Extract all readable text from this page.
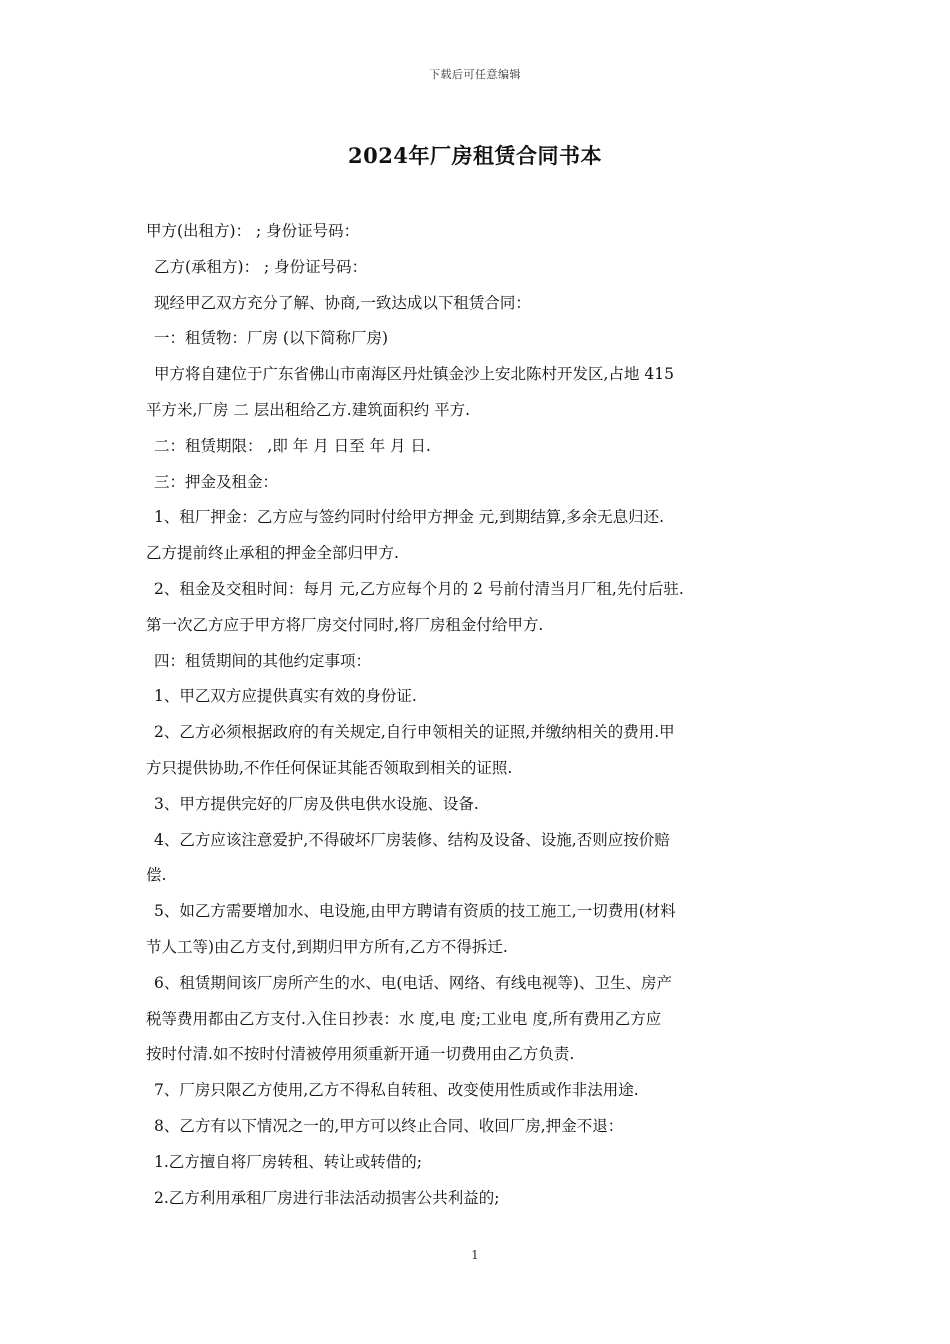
下载后可任意编辑
2024年厂房租赁合同书本
甲方(出租方)： ; 身份证号码：
乙方(承租方)： ; 身份证号码：
现经甲乙双方充分了解、协商,一致达成以下租赁合同：
一：租赁物：厂房 (以下简称厂房)
甲方将自建位于广东省佛山市南海区丹灶镇金沙上安北陈村开发区,占地 415
平方米,厂房 二 层出租给乙方.建筑面积约 平方.
二：租赁期限： ,即 年 月 日至 年 月 日.
三：押金及租金：
1、租厂押金：乙方应与签约同时付给甲方押金 元,到期结算,多余无息归还.
乙方提前终止承租的押金全部归甲方.
2、租金及交租时间：每月 元,乙方应每个月的 2 号前付清当月厂租,先付后驻.
第一次乙方应于甲方将厂房交付同时,将厂房租金付给甲方.
四：租赁期间的其他约定事项：
1、甲乙双方应提供真实有效的身份证.
2、乙方必须根据政府的有关规定,自行申领相关的证照,并缴纳相关的费用.甲
方只提供协助,不作任何保证其能否领取到相关的证照.
3、甲方提供完好的厂房及供电供水设施、设备.
4、乙方应该注意爱护,不得破坏厂房装修、结构及设备、设施,否则应按价赔
偿.
5、如乙方需要增加水、电设施,由甲方聘请有资质的技工施工,一切费用(材料
节人工等)由乙方支付,到期归甲方所有,乙方不得拆迁.
6、租赁期间该厂房所产生的水、电(电话、网络、有线电视等)、卫生、房产
税等费用都由乙方支付.入住日抄表：水 度,电 度;工业电 度,所有费用乙方应
按时付清.如不按时付清被停用须重新开通一切费用由乙方负责.
7、厂房只限乙方使用,乙方不得私自转租、改变使用性质或作非法用途.
8、乙方有以下情况之一的,甲方可以终止合同、收回厂房,押金不退：
1.乙方擅自将厂房转租、转让或转借的;
2.乙方利用承租厂房进行非法活动损害公共利益的;
1
